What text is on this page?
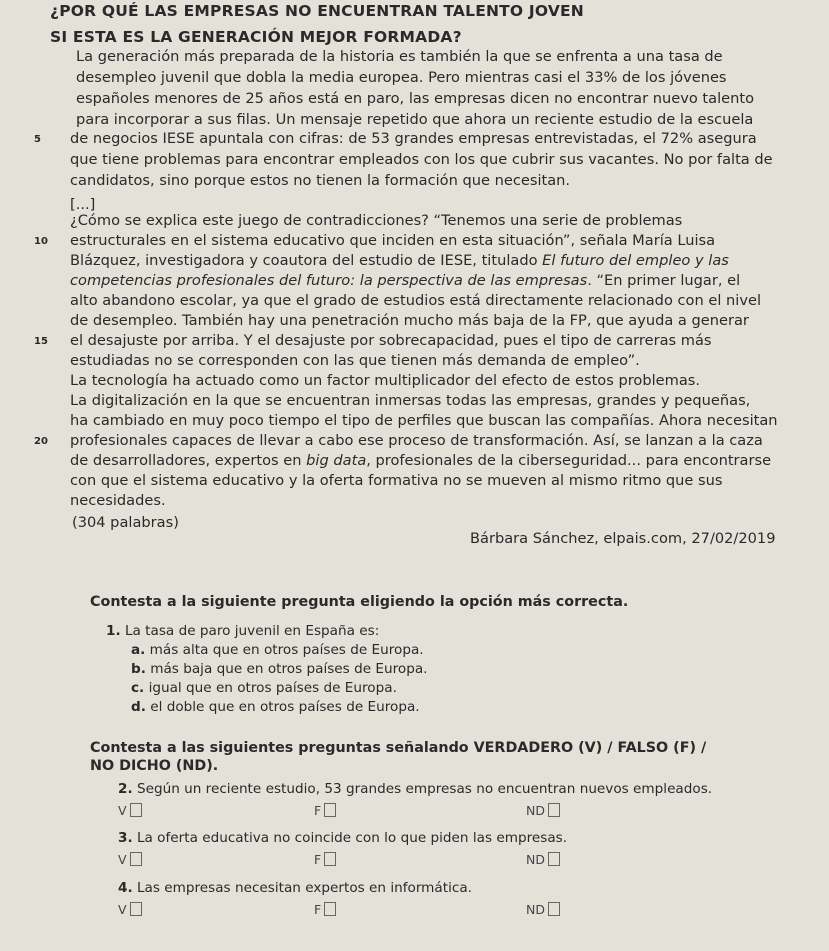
¿POR QUÉ LAS EMPRESAS NO ENCUENTRAN TALENTO JOVEN
SI ESTA ES LA GENERACIÓN MEJOR FORMADA?
La generación más preparada de la historia es también la que se enfrenta a una tasa de
desempleo juvenil que dobla la media europea. Pero mientras casi el 33% de los jóvenes
españoles menores de 25 años está en paro, las empresas dicen no encontrar nuevo talento
para incorporar a sus filas. Un mensaje repetido que ahora un reciente estudio de la escuela
5 de negocios IESE apuntala con cifras: de 53 grandes empresas entrevistadas, el 72% asegura
que tiene problemas para encontrar empleados con los que cubrir sus vacantes. No por falta de
candidatos, sino porque estos no tienen la formación que necesitan.
[...]
¿Cómo se explica este juego de contradicciones? “Tenemos una serie de problemas
10 estructurales en el sistema educativo que inciden en esta situación”, señala María Luisa
Blázquez, investigadora y coautora del estudio de IESE, titulado El futuro del empleo y las
competencias profesionales del futuro: la perspectiva de las empresas. “En primer lugar, el
alto abandono escolar, ya que el grado de estudios está directamente relacionado con el nivel
de desempleo. También hay una penetración mucho más baja de la FP, que ayuda a generar
15 el desajuste por arriba. Y el desajuste por sobrecapacidad, pues el tipo de carreras más
estudiadas no se corresponden con las que tienen más demanda de empleo”.
La tecnología ha actuado como un factor multiplicador del efecto de estos problemas.
La digitalización en la que se encuentran inmersas todas las empresas, grandes y pequeñas,
ha cambiado en muy poco tiempo el tipo de perfiles que buscan las compañías. Ahora necesitan
20 profesionales capaces de llevar a cabo ese proceso de transformación. Así, se lanzan a la caza
de desarrolladores, expertos en big data, profesionales de la ciberseguridad... para encontrarse
con que el sistema educativo y la oferta formativa no se mueven al mismo ritmo que sus
necesidades.
(304 palabras)
Bárbara Sánchez, elpais.com, 27/02/2019
Contesta a la siguiente pregunta eligiendo la opción más correcta.
1. La tasa de paro juvenil en España es:
a. más alta que en otros países de Europa.
b. más baja que en otros países de Europa.
c. igual que en otros países de Europa.
d. el doble que en otros países de Europa.
Contesta a las siguientes preguntas señalando VERDADERO (V) / FALSO (F) /
NO DICHO (ND).
2. Según un reciente estudio, 53 grandes empresas no encuentran nuevos empleados.
V	F	ND
3. La oferta educativa no coincide con lo que piden las empresas.
V	F	ND
4. Las empresas necesitan expertos en informática.
V	F	ND
